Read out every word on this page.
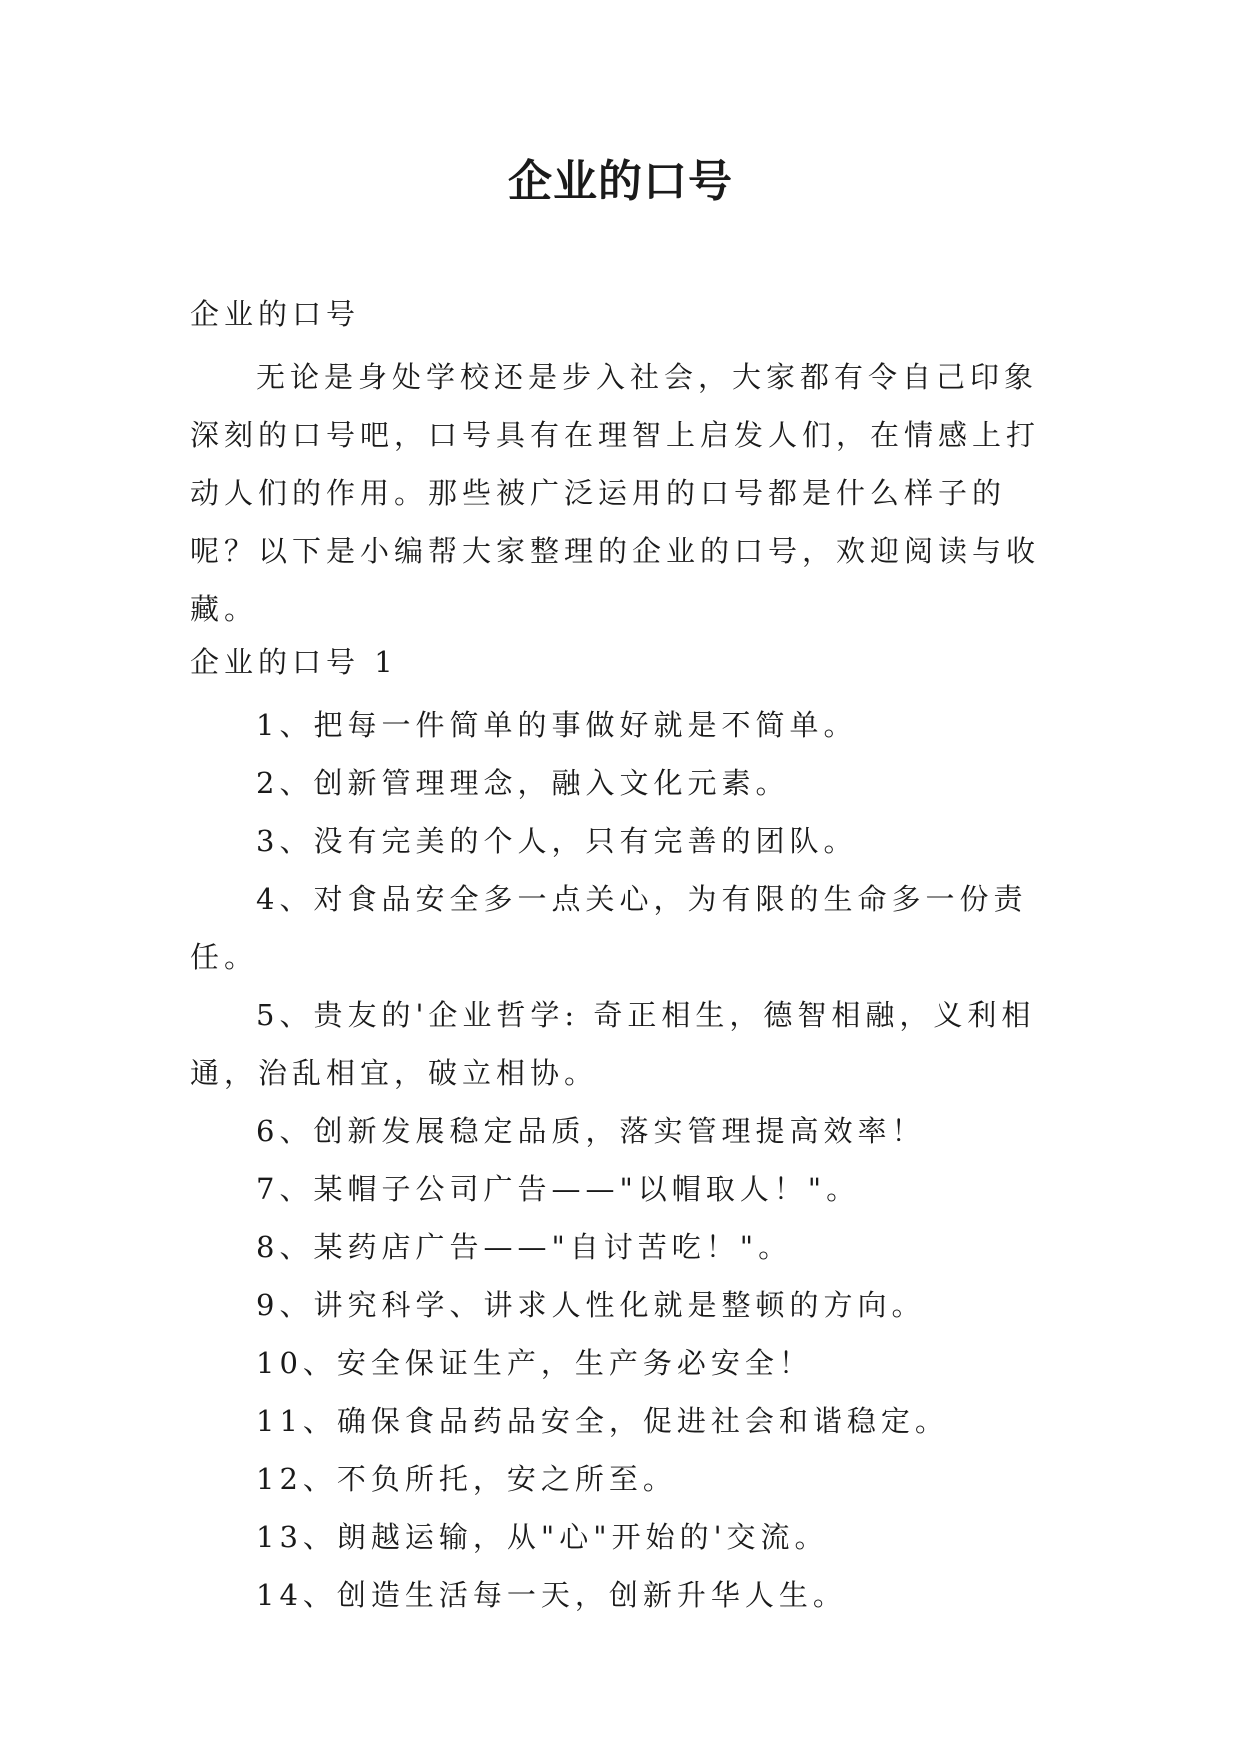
企业的口号

企业的口号

无论是身处学校还是步入社会，大家都有令自己印象深刻的口号吧，口号具有在理智上启发人们，在情感上打动人们的作用。那些被广泛运用的口号都是什么样子的呢？以下是小编帮大家整理的企业的口号，欢迎阅读与收藏。

企业的口号 1

1、把每一件简单的事做好就是不简单。
2、创新管理理念，融入文化元素。
3、没有完美的个人，只有完善的团队。
4、对食品安全多一点关心，为有限的生命多一份责任。
5、贵友的'企业哲学: 奇正相生，德智相融，义利相通，治乱相宜，破立相协。
6、创新发展稳定品质，落实管理提高效率！
7、某帽子公司广告——"以帽取人！"。
8、某药店广告——"自讨苦吃！"。
9、讲究科学、讲求人性化就是整顿的方向。
10、安全保证生产，生产务必安全！
11、确保食品药品安全，促进社会和谐稳定。
12、不负所托，安之所至。
13、朗越运输，从"心"开始的'交流。
14、创造生活每一天，创新升华人生。
